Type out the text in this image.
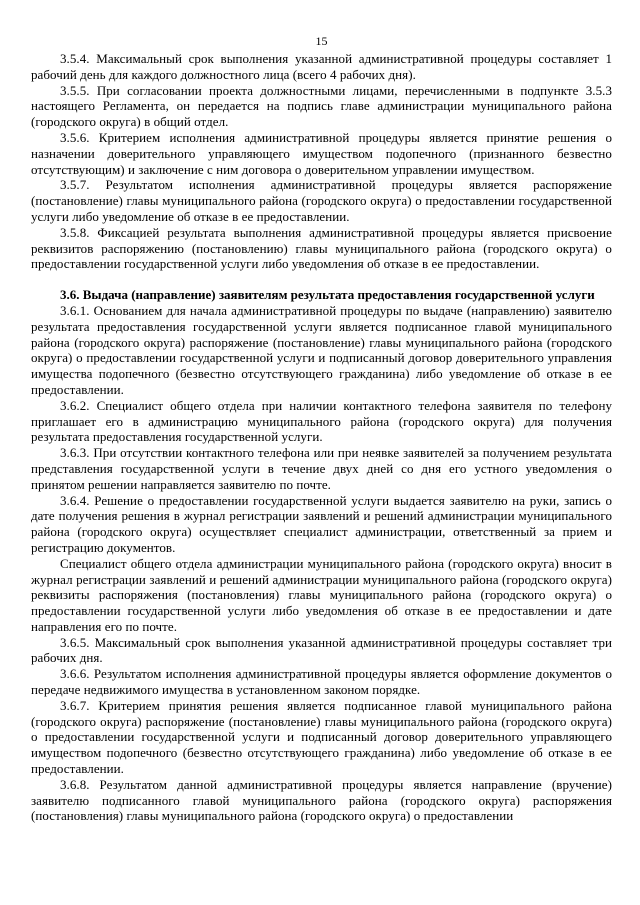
15

3.5.4. Максимальный срок выполнения указанной административной процедуры составляет 1 рабочий день для каждого должностного лица (всего 4 рабочих дня).

3.5.5. При согласовании проекта должностными лицами, перечисленными в подпункте 3.5.3 настоящего Регламента, он передается на подпись главе администрации муниципального района (городского округа) в общий отдел.

3.5.6. Критерием исполнения административной процедуры является принятие решения о назначении доверительного управляющего имуществом подопечного (признанного безвестно отсутствующим) и заключение с ним договора о доверительном управлении имуществом.

3.5.7. Результатом исполнения административной процедуры является распоряжение (постановление) главы муниципального района (городского округа) о предоставлении государственной услуги либо уведомление об отказе в ее предоставлении.

3.5.8. Фиксацией результата выполнения административной процедуры является присвоение реквизитов распоряжению (постановлению) главы муниципального района (городского округа) о предоставлении государственной услуги либо уведомления об отказе в ее предоставлении.

3.6. Выдача (направление) заявителям результата предоставления государственной услуги

3.6.1. Основанием для начала административной процедуры по выдаче (направлению) заявителю результата предоставления государственной услуги является подписанное главой муниципального района (городского округа) распоряжение (постановление) главы муниципального района (городского округа) о предоставлении государственной услуги и подписанный договор доверительного управления имущества подопечного (безвестно отсутствующего гражданина) либо уведомление об отказе в ее предоставлении.

3.6.2. Специалист общего отдела при наличии контактного телефона заявителя по телефону приглашает его в администрацию муниципального района (городского округа) для получения результата предоставления государственной услуги.

3.6.3. При отсутствии контактного телефона или при неявке заявителей за получением результата представления государственной услуги в течение двух дней со дня его устного уведомления о принятом решении направляется заявителю по почте.

3.6.4. Решение о предоставлении государственной услуги выдается заявителю на руки, запись о дате получения решения в журнал регистрации заявлений и решений администрации муниципального района (городского округа) осуществляет специалист администрации, ответственный за прием и регистрацию документов.

Специалист общего отдела администрации муниципального района (городского округа) вносит в журнал регистрации заявлений и решений администрации муниципального района (городского округа) реквизиты распоряжения (постановления) главы муниципального района (городского округа) о предоставлении государственной услуги либо уведомления об отказе в ее предоставлении и дате направления его по почте.

3.6.5. Максимальный срок выполнения указанной административной процедуры составляет три рабочих дня.

3.6.6. Результатом исполнения административной процедуры является оформление документов о передаче недвижимого имущества в установленном законом порядке.

3.6.7. Критерием принятия решения является подписанное главой муниципального района (городского округа) распоряжение (постановление) главы муниципального района (городского округа) о предоставлении государственной услуги и подписанный договор доверительного управляющего имуществом подопечного (безвестно отсутствующего гражданина) либо уведомление об отказе в ее предоставлении.

3.6.8. Результатом данной административной процедуры является направление (вручение) заявителю подписанного главой муниципального района (городского округа) распоряжения (постановления) главы муниципального района (городского округа) о предоставлении
